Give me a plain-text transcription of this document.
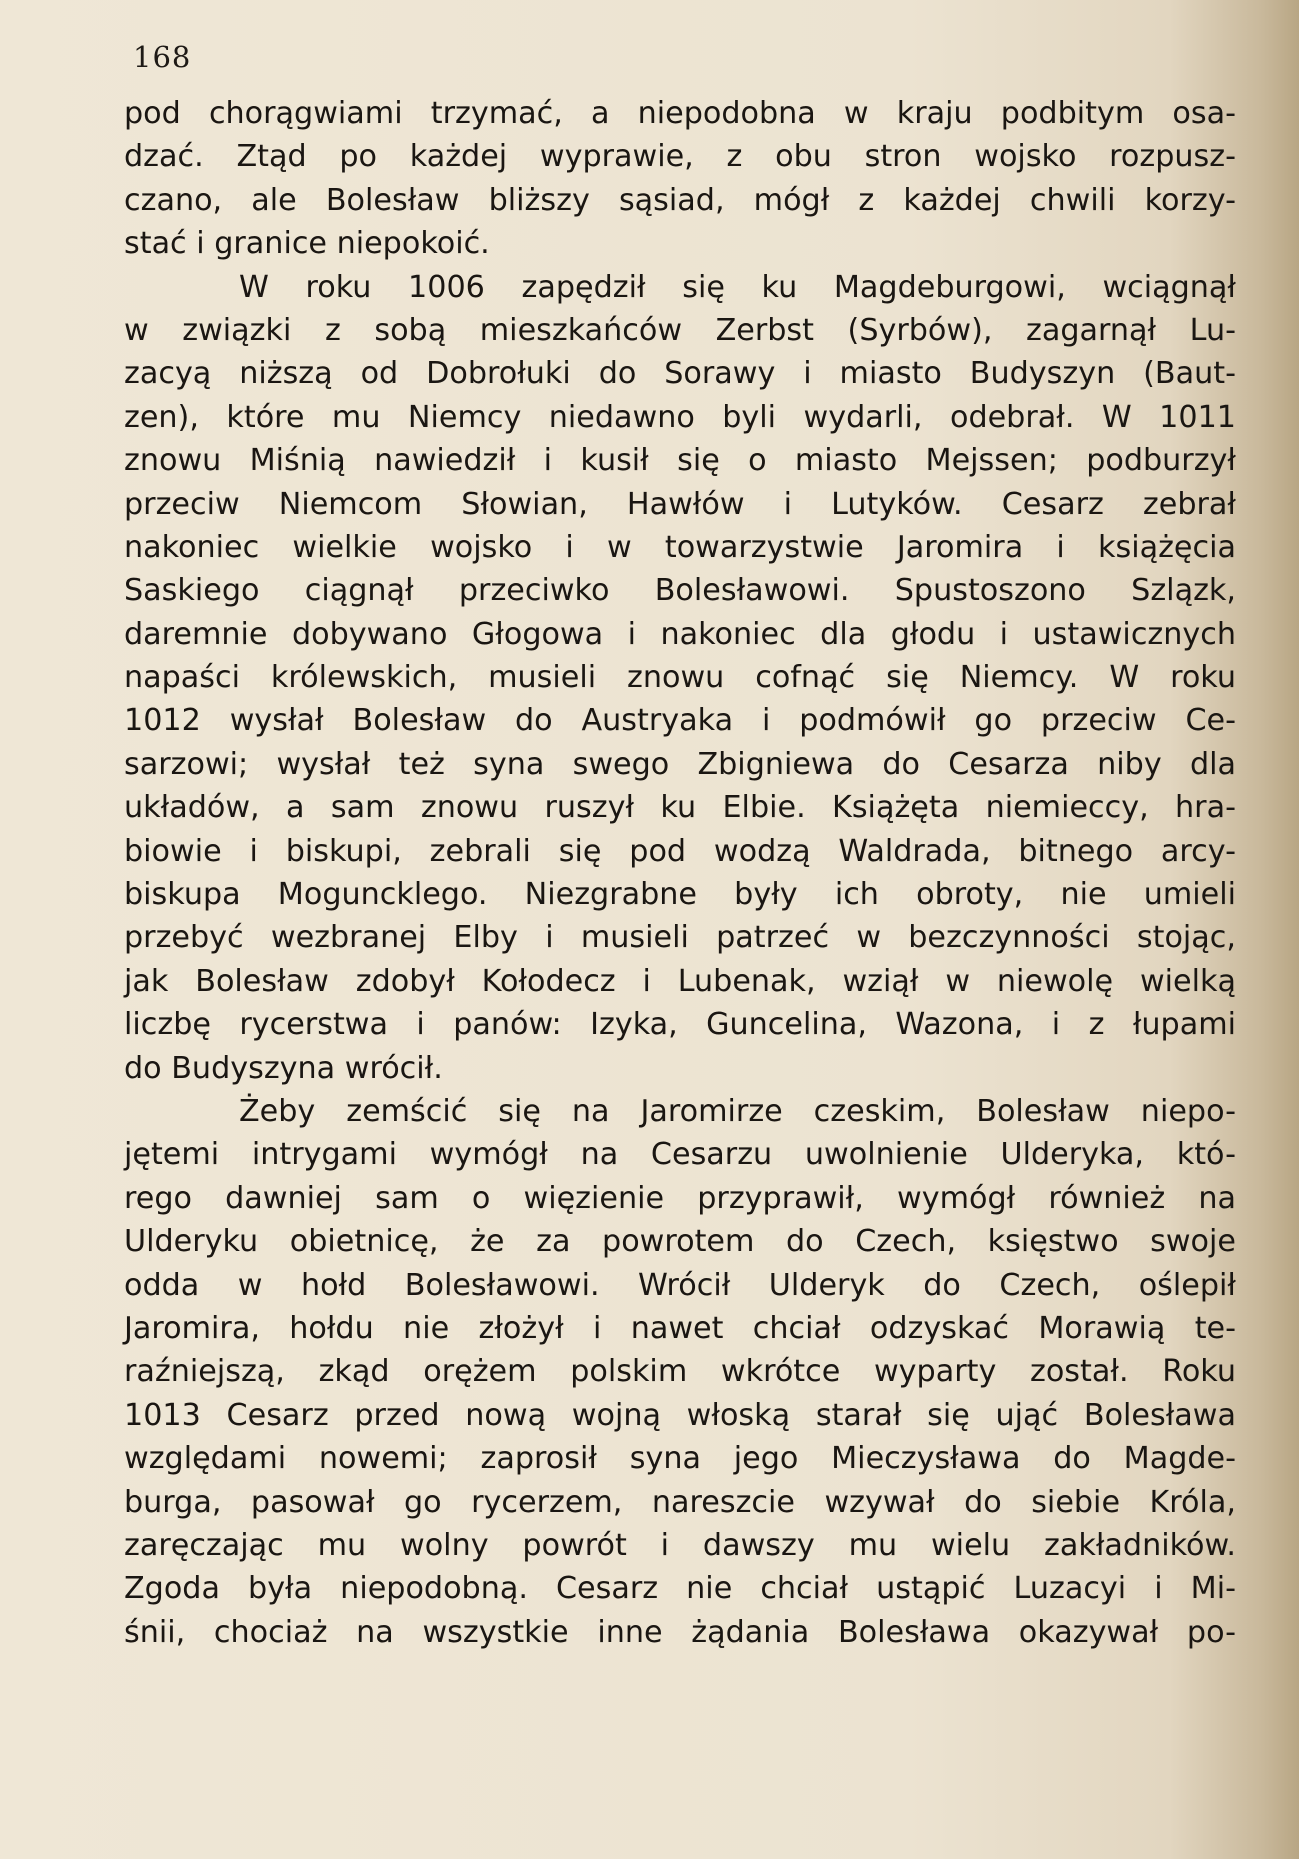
168
pod chorągwiami trzymać, a niepodobna w kraju podbitym osa-
dzać. Ztąd po każdej wyprawie, z obu stron wojsko rozpusz-
czano, ale Bolesław bliższy sąsiad, mógł z każdej chwili korzy-
stać i granice niepokoić.
W roku 1006 zapędził się ku Magdeburgowi, wciągnął
w związki z sobą mieszkańców Zerbst (Syrbów), zagarnął Lu-
zacyą niższą od Dobrołuki do Sorawy i miasto Budyszyn (Baut-
zen), które mu Niemcy niedawno byli wydarli, odebrał. W 1011
znowu Miśnią nawiedził i kusił się o miasto Mejssen; podburzył
przeciw Niemcom Słowian, Hawłów i Lutyków. Cesarz zebrał
nakoniec wielkie wojsko i w towarzystwie Jaromira i książęcia
Saskiego ciągnął przeciwko Bolesławowi. Spustoszono Szlązk,
daremnie dobywano Głogowa i nakoniec dla głodu i ustawicznych
napaści królewskich, musieli znowu cofnąć się Niemcy. W roku
1012 wysłał Bolesław do Austryaka i podmówił go przeciw Ce-
sarzowi; wysłał też syna swego Zbigniewa do Cesarza niby dla
układów, a sam znowu ruszył ku Elbie. Książęta niemieccy, hra-
biowie i biskupi, zebrali się pod wodzą Waldrada, bitnego arcy-
biskupa Moguncklego. Niezgrabne były ich obroty, nie umieli
przebyć wezbranej Elby i musieli patrzeć w bezczynności stojąc,
jak Bolesław zdobył Kołodecz i Lubenak, wziął w niewolę wielką
liczbę rycerstwa i panów: Izyka, Guncelina, Wazona, i z łupami
do Budyszyna wrócił.
Żeby zemścić się na Jaromirze czeskim, Bolesław niepo-
jętemi intrygami wymógł na Cesarzu uwolnienie Ulderyka, któ-
rego dawniej sam o więzienie przyprawił, wymógł również na
Ulderyku obietnicę, że za powrotem do Czech, księstwo swoje
odda w hołd Bolesławowi. Wrócił Ulderyk do Czech, oślepił
Jaromira, hołdu nie złożył i nawet chciał odzyskać Morawią te-
raźniejszą, zkąd orężem polskim wkrótce wyparty został. Roku
1013 Cesarz przed nową wojną włoską starał się ująć Bolesława
względami nowemi; zaprosił syna jego Mieczysława do Magde-
burga, pasował go rycerzem, nareszcie wzywał do siebie Króla,
zaręczając mu wolny powrót i dawszy mu wielu zakładników.
Zgoda była niepodobną. Cesarz nie chciał ustąpić Luzacyi i Mi-
śnii, chociaż na wszystkie inne żądania Bolesława okazywał po-
